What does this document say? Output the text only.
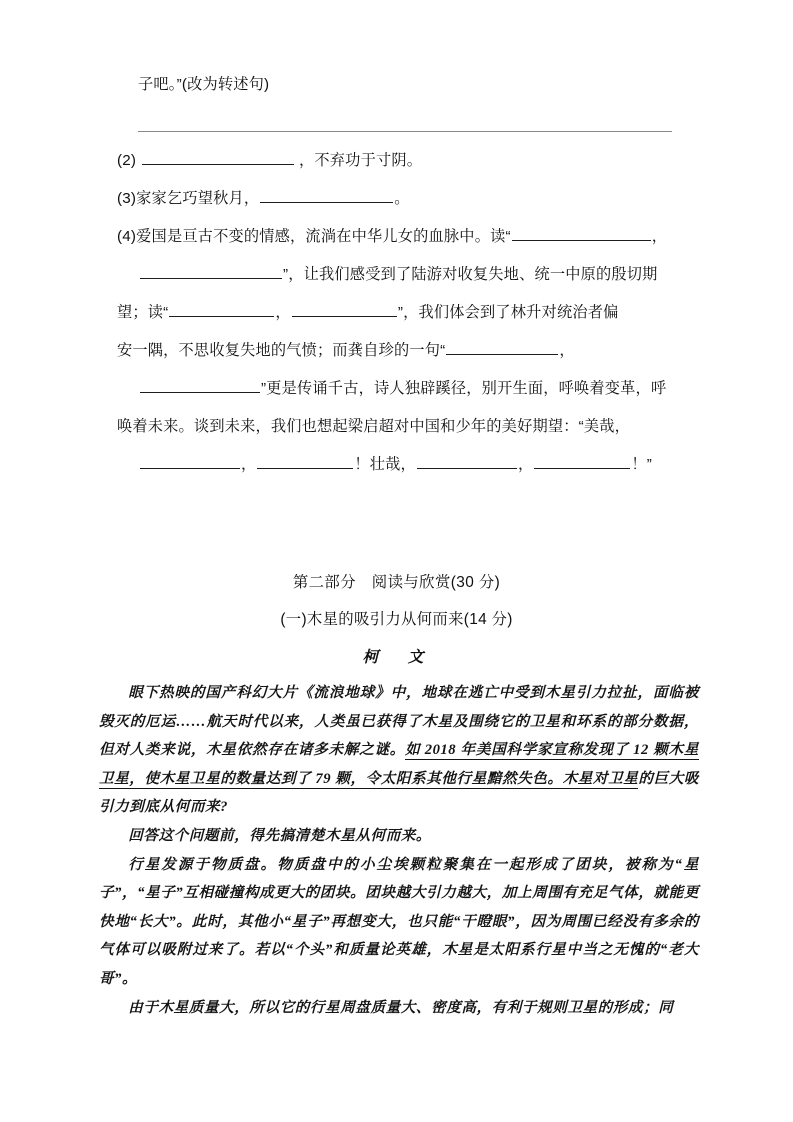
子吧。”(改为转述句)
(2)	，不弃功于寸阴。
(3)家家乞巧望秋月，	。
(4)爱国是亘古不变的情感，流淌在中华儿女的血脉中。读“	，
”，让我们感受到了陆游对收复失地、统一中原的殷切期
望；读“	，	”，我们体会到了林升对统治者偏
安一隅，不思收复失地的气愤；而龚自珍的一句“	，
”更是传诵千古，诗人独辟蹊径，别开生面，呼唤着变革，呼
唤着未来。谈到未来，我们也想起梁启超对中国和少年的美好期望：“美哉，
，	！壮哉，	，	！”
第二部分　阅读与欣赏(30 分)
(一)木星的吸引力从何而来(14 分)
柯　文

眼下热映的国产科幻大片《流浪地球》中，地球在逃亡中受到木星引力拉扯，面临被毁灭的厄运……航天时代以来，人类虽已获得了木星及围绕它的卫星和环系的部分数据，但对人类来说，木星依然存在诸多未解之谜。如 2018 年美国科学家宣称发现了 12 颗木星卫星，使木星卫星的数量达到了 79 颗，令太阳系其他行星黯然失色。木星对卫星的巨大吸引力到底从何而来?

回答这个问题前，得先搞清楚木星从何而来。

行星发源于物质盘。物质盘中的小尘埃颗粒聚集在一起形成了团块，被称为“星子”，“星子”互相碰撞构成更大的团块。团块越大引力越大，加上周围有充足气体，就能更快地“长大”。此时，其他小“星子”再想变大，也只能“干瞪眼”，因为周围已经没有多余的气体可以吸附过来了。若以“个头”和质量论英雄，木星是太阳系行星中当之无愧的“老大哥”。

由于木星质量大，所以它的行星周盘质量大、密度高，有利于规则卫星的形成；同
